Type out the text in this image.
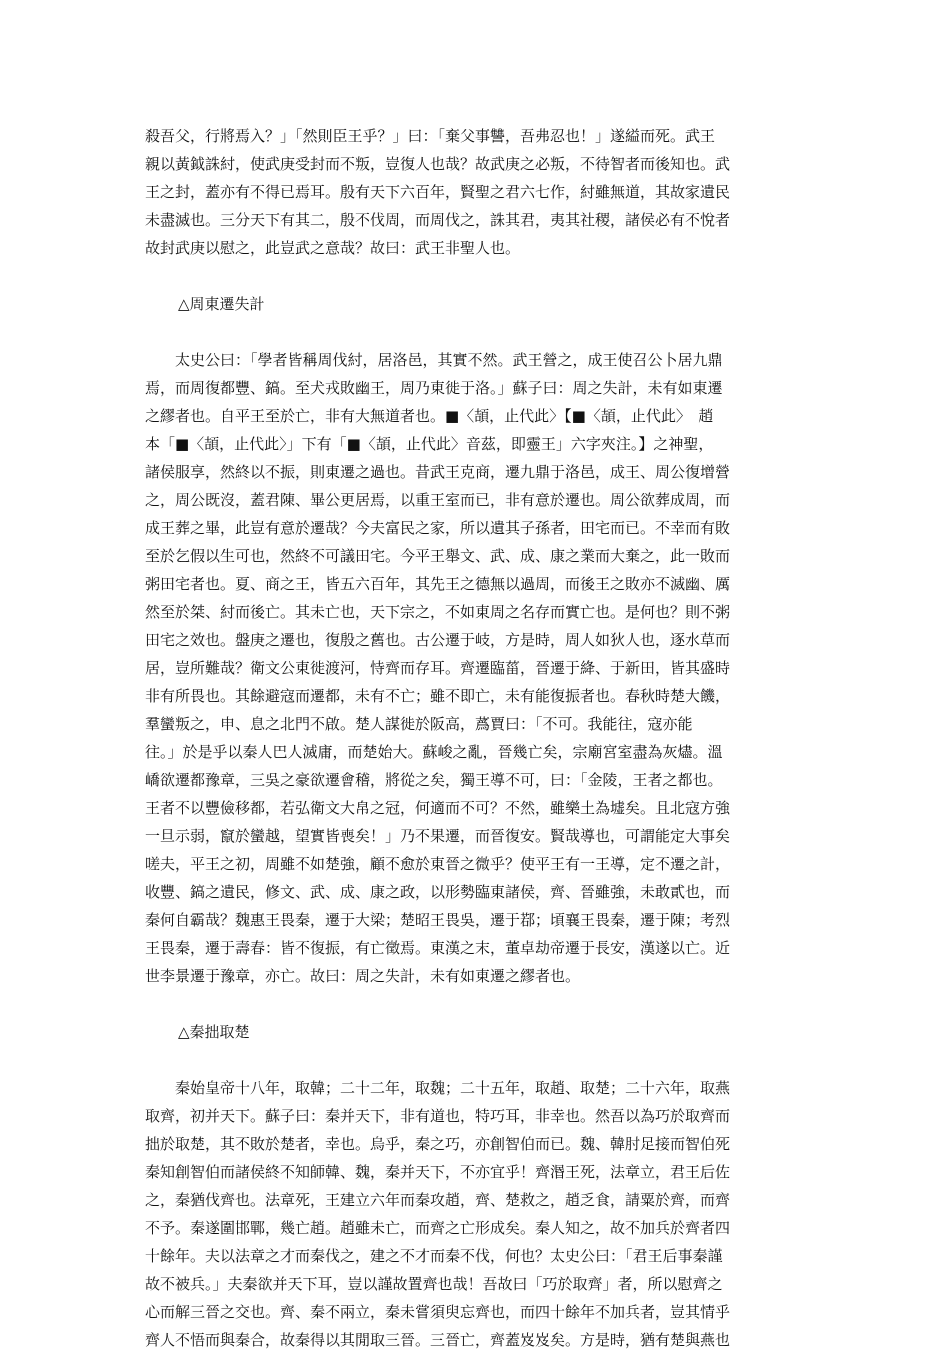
殺吾父，行將焉入？」「然則臣王乎？」曰：「棄父事讐，吾弗忍也！」遂縊而死。武王
親以黃鉞誅紂，使武庚受封而不叛，豈復人也哉？故武庚之必叛，不待智者而後知也。武
王之封，蓋亦有不得已焉耳。殷有天下六百年，賢聖之君六七作，紂雖無道，其故家遺民
未盡滅也。三分天下有其二，殷不伐周，而周伐之，誅其君，夷其社稷，諸侯必有不悅者
故封武庚以慰之，此豈武之意哉？故曰：武王非聖人也。
△周東遷失計
　　太史公曰：「學者皆稱周伐紂，居洛邑，其實不然。武王營之，成王使召公卜居九鼎
焉，而周復都豐、鎬。至犬戎敗幽王，周乃東徙于洛。」蘇子曰：周之失計，未有如東遷
之繆者也。自平王至於亡，非有大無道者也。■〈頡，止代此〉【■〈頡，止代此〉　趙
本「■〈頡，止代此〉」下有「■〈頡，止代此〉音茲，即靈王」六字夾注。】之神聖，
諸侯服享，然終以不振，則東遷之過也。昔武王克商，遷九鼎于洛邑，成王、周公復增營
之，周公既沒，蓋君陳、畢公更居焉，以重王室而已，非有意於遷也。周公欲葬成周，而
成王葬之畢，此豈有意於遷哉？今夫富民之家，所以遺其子孫者，田宅而已。不幸而有敗
至於乞假以生可也，然終不可議田宅。今平王舉文、武、成、康之業而大棄之，此一敗而
粥田宅者也。夏、商之王，皆五六百年，其先王之德無以過周，而後王之敗亦不滅幽、厲
然至於桀、紂而後亡。其未亡也，天下宗之，不如東周之名存而實亡也。是何也？則不粥
田宅之效也。盤庚之遷也，復殷之舊也。古公遷于岐，方是時，周人如狄人也，逐水草而
居，豈所難哉？衛文公東徙渡河，恃齊而存耳。齊遷臨菑，晉遷于絳、于新田，皆其盛時
非有所畏也。其餘避寇而遷都，未有不亡；雖不即亡，未有能復振者也。春秋時楚大饑，
羣蠻叛之，申、息之北門不啟。楚人謀徙於阪高，蔿賈曰：「不可。我能往，寇亦能
往。」於是乎以秦人巴人滅庸，而楚始大。蘇峻之亂，晉幾亡矣，宗廟宮室盡為灰燼。溫
嶠欲遷都豫章，三吳之豪欲遷會稽，將從之矣，獨王導不可，曰：「金陵，王者之都也。
王者不以豐儉移都，若弘衛文大帛之冠，何適而不可？不然，雖樂土為墟矣。且北寇方強
一旦示弱，竄於蠻越，望實皆喪矣！」乃不果遷，而晉復安。賢哉導也，可謂能定大事矣
嗟夫，平王之初，周雖不如楚強，顧不愈於東晉之微乎？使平王有一王導，定不遷之計，
收豐、鎬之遺民，修文、武、成、康之政，以形勢臨東諸侯，齊、晉雖強，未敢貳也，而
秦何自霸哉？魏惠王畏秦，遷于大梁；楚昭王畏吳，遷于鄀；頃襄王畏秦，遷于陳；考烈
王畏秦，遷于壽春：皆不復振，有亡徵焉。東漢之末，董卓劫帝遷于長安，漢遂以亡。近
世李景遷于豫章，亦亡。故曰：周之失計，未有如東遷之繆者也。
△秦拙取楚
　　秦始皇帝十八年，取韓；二十二年，取魏；二十五年，取趙、取楚；二十六年，取燕
取齊，初并天下。蘇子曰：秦并天下，非有道也，特巧耳，非幸也。然吾以為巧於取齊而
拙於取楚，其不敗於楚者，幸也。烏乎，秦之巧，亦創智伯而已。魏、韓肘足接而智伯死
秦知創智伯而諸侯終不知師韓、魏，秦并天下，不亦宜乎！齊湣王死，法章立，君王后佐
之，秦猶伐齊也。法章死，王建立六年而秦攻趙，齊、楚救之，趙乏食，請粟於齊，而齊
不予。秦遂圍邯鄲，幾亡趙。趙雖未亡，而齊之亡形成矣。秦人知之，故不加兵於齊者四
十餘年。夫以法章之才而秦伐之，建之不才而秦不伐，何也？太史公曰：「君王后事秦謹
故不被兵。」夫秦欲并天下耳，豈以謹故置齊也哉！吾故曰「巧於取齊」者，所以慰齊之
心而解三晉之交也。齊、秦不兩立，秦未嘗須臾忘齊也，而四十餘年不加兵者，豈其情乎
齊人不悟而與秦合，故秦得以其閒取三晉。三晉亡，齊蓋岌岌矣。方是時，猶有楚與燕也
